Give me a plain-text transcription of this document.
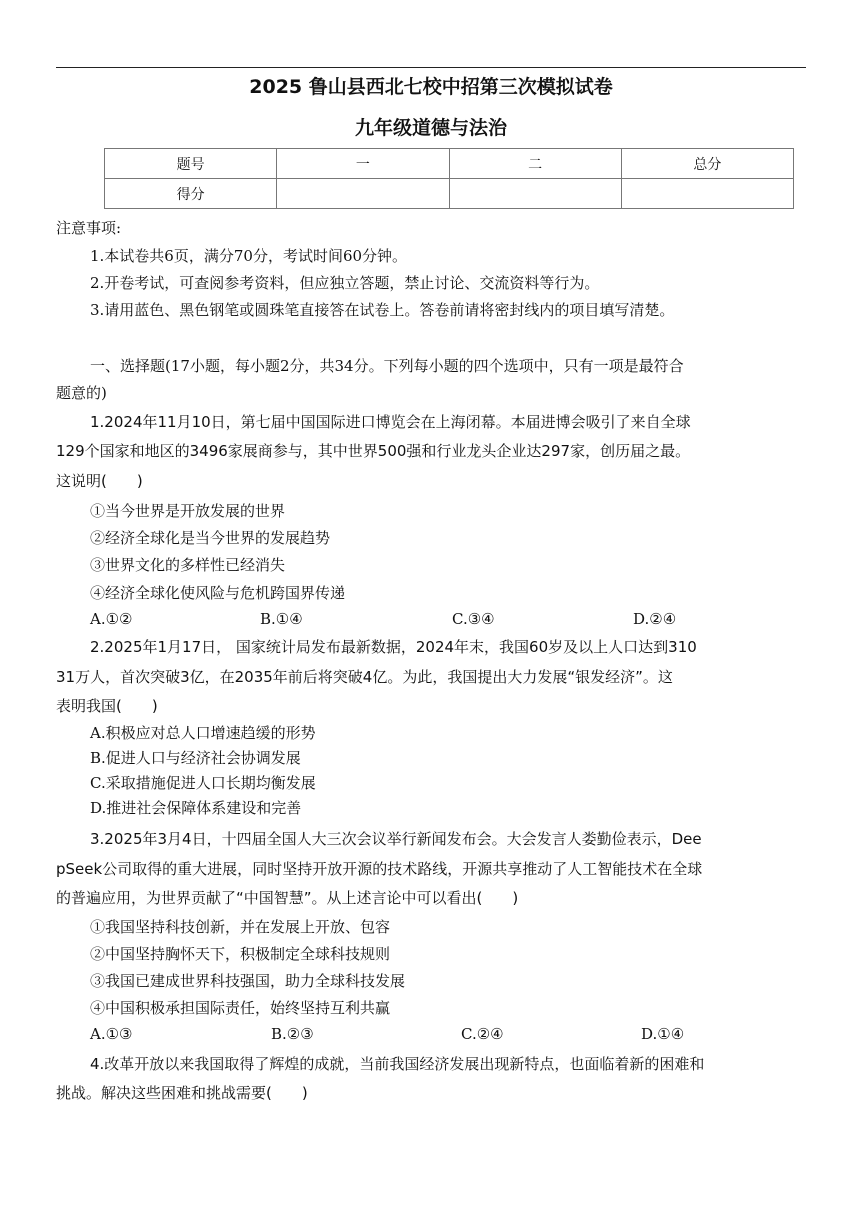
2025 鲁山县西北七校中招第三次模拟试卷
九年级道德与法治
题号	一	二	总分
得分			
注意事项:
1.本试卷共6页，满分70分，考试时间60分钟。
2.开卷考试，可查阅参考资料，但应独立答题，禁止讨论、交流资料等行为。
3.请用蓝色、黑色钢笔或圆珠笔直接答在试卷上。答卷前请将密封线内的项目填写清楚。
一、选择题(17小题，每小题2分，共34分。下列每小题的四个选项中，只有一项是最符合
题意的)
1.2024年11月10日，第七届中国国际进口博览会在上海闭幕。本届进博会吸引了来自全球
129个国家和地区的3496家展商参与，其中世界500强和行业龙头企业达297家，创历届之最。
这说明(　　)
①当今世界是开放发展的世界
②经济全球化是当今世界的发展趋势
③世界文化的多样性已经消失
④经济全球化使风险与危机跨国界传递
A.①②	B.①④	C.③④	D.②④
2.2025年1月17日， 国家统计局发布最新数据，2024年末，我国60岁及以上人口达到310
31万人，首次突破3亿，在2035年前后将突破4亿。为此，我国提出大力发展“银发经济”。这
表明我国(　　)
A.积极应对总人口增速趋缓的形势
B.促进人口与经济社会协调发展
C.采取措施促进人口长期均衡发展
D.推进社会保障体系建设和完善
3.2025年3月4日，十四届全国人大三次会议举行新闻发布会。大会发言人娄勤俭表示，Dee
pSeek公司取得的重大进展，同时坚持开放开源的技术路线，开源共享推动了人工智能技术在全球
的普遍应用，为世界贡献了“中国智慧”。从上述言论中可以看出(　　)
①我国坚持科技创新，并在发展上开放、包容
②中国坚持胸怀天下，积极制定全球科技规则
③我国已建成世界科技强国，助力全球科技发展
④中国积极承担国际责任，始终坚持互利共赢
A.①③	B.②③	C.②④	D.①④
4.改革开放以来我国取得了辉煌的成就，当前我国经济发展出现新特点，也面临着新的困难和
挑战。解决这些困难和挑战需要(　　)
